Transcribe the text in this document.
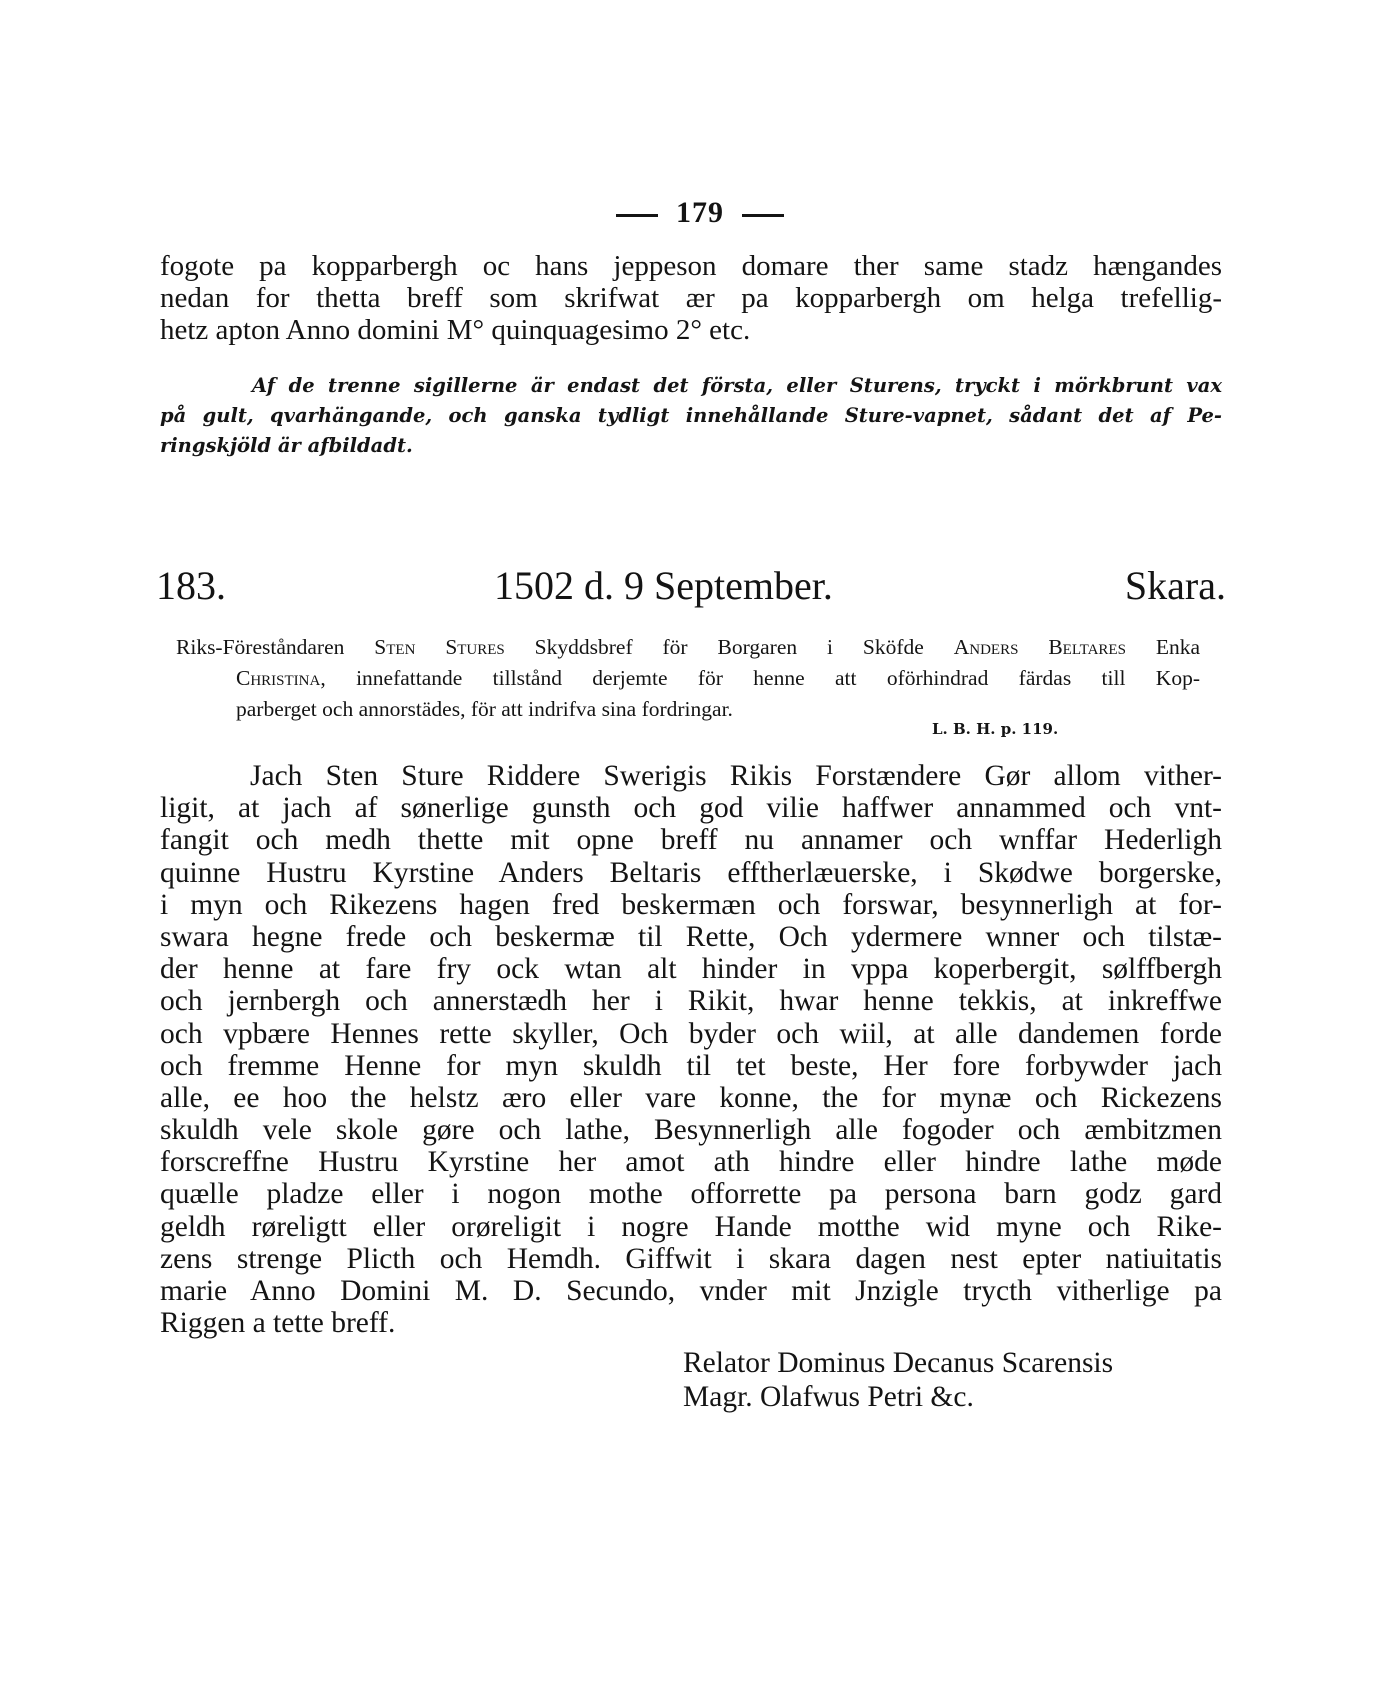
179
fogote pa kopparbergh oc hans jeppeson domare ther same stadz hængandes
nedan for thetta breff som skrifwat ær pa kopparbergh om helga trefellig-
hetz apton Anno domini M° quinquagesimo 2° etc.
Af de trenne sigillerne är endast det första, eller Sturens, tryckt i mörkbrunt vax
på gult, qvarhängande, och ganska tydligt innehållande Sture-vapnet, sådant det af Pe-
ringskjöld är afbildadt.
183.	1502 d. 9 September.	Skara.
Riks-Föreståndaren Sten Stures Skyddsbref för Borgaren i Sköfde Anders Beltares Enka
Christina, innefattande tillstånd derjemte för henne att oförhindrad färdas till Kop-
parberget och annorstädes, för att indrifva sina fordringar.
L. B. H. p. 119.
Jach Sten Sture Riddere Swerigis Rikis Forstændere Gør allom vither-
ligit, at jach af sønerlige gunsth och god vilie haffwer annammed och vnt-
fangit och medh thette mit opne breff nu annamer och wnffar Hederligh
quinne Hustru Kyrstine Anders Beltaris efftherlæuerske, i Skødwe borgerske,
i myn och Rikezens hagen fred beskermæn och forswar, besynnerligh at for-
swara hegne frede och beskermæ til Rette, Och ydermere wnner och tilstæ-
der henne at fare fry ock wtan alt hinder in vppa koperbergit, sølffbergh
och jernbergh och annerstædh her i Rikit, hwar henne tekkis, at inkreffwe
och vpbære Hennes rette skyller, Och byder och wiil, at alle dandemen forde
och fremme Henne for myn skuldh til tet beste, Her fore forbywder jach
alle, ee hoo the helstz æro eller vare konne, the for mynæ och Rickezens
skuldh vele skole gøre och lathe, Besynnerligh alle fogoder och æmbitzmen
forscreffne Hustru Kyrstine her amot ath hindre eller hindre lathe møde
quælle pladze eller i nogon mothe offorrette pa persona barn godz gard
geldh røreligtt eller orøreligit i nogre Hande motthe wid myne och Rike-
zens strenge Plicth och Hemdh. Giffwit i skara dagen nest epter natiuitatis
marie Anno Domini M. D. Secundo, vnder mit Jnzigle trycth vitherlige pa
Riggen a tette breff.
Relator Dominus Decanus Scarensis
Magr. Olafwus Petri &c.
